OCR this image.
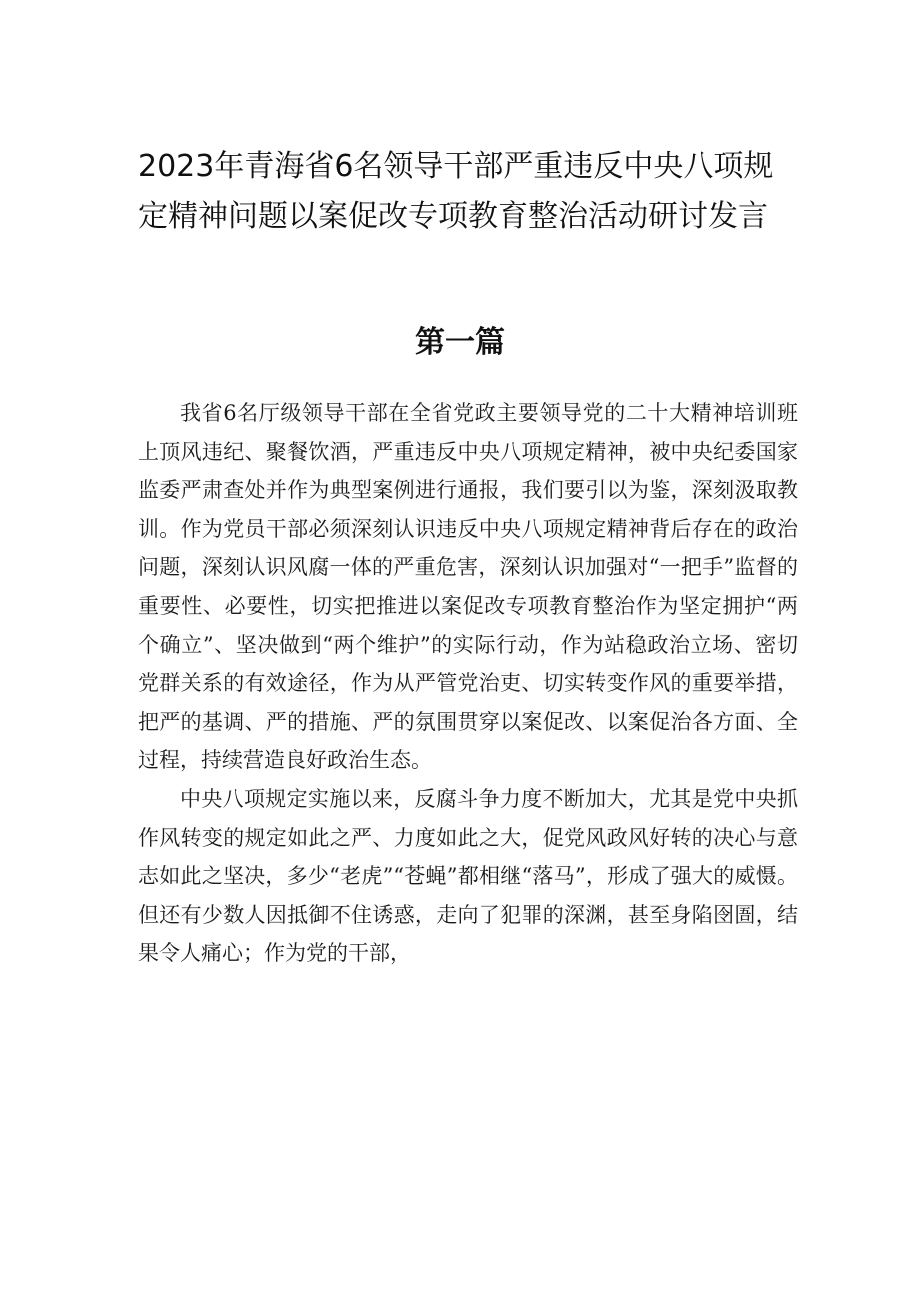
2023年青海省6名领导干部严重违反中央八项规定精神问题以案促改专项教育整治活动研讨发言
第一篇

我省6名厅级领导干部在全省党政主要领导党的二十大精神培训班上顶风违纪、聚餐饮酒，严重违反中央八项规定精神，被中央纪委国家监委严肃查处并作为典型案例进行通报，我们要引以为鉴，深刻汲取教训。作为党员干部必须深刻认识违反中央八项规定精神背后存在的政治问题，深刻认识风腐一体的严重危害，深刻认识加强对“一把手”监督的重要性、必要性，切实把推进以案促改专项教育整治作为坚定拥护“两个确立”、坚决做到“两个维护”的实际行动，作为站稳政治立场、密切党群关系的有效途径，作为从严管党治吏、切实转变作风的重要举措，把严的基调、严的措施、严的氛围贯穿以案促改、以案促治各方面、全过程，持续营造良好政治生态。

中央八项规定实施以来，反腐斗争力度不断加大，尤其是党中央抓作风转变的规定如此之严、力度如此之大，促党风政风好转的决心与意志如此之坚决，多少“老虎”“苍蝇”都相继“落马”，形成了强大的威慑。但还有少数人因抵御不住诱惑，走向了犯罪的深渊，甚至身陷囹圄，结果令人痛心；作为党的干部，
